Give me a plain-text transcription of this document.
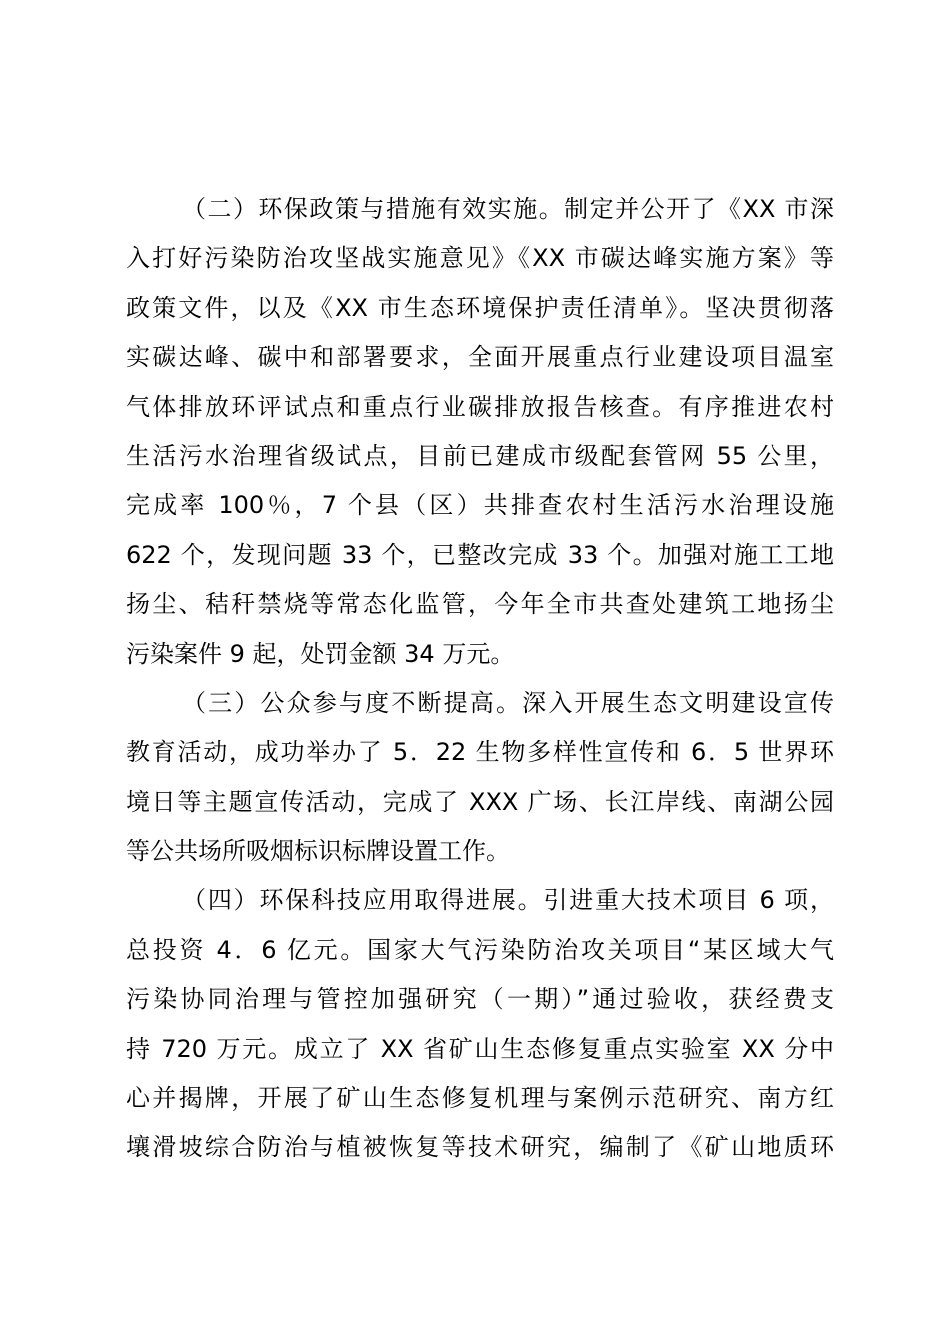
（二）环保政策与措施有效实施。制定并公开了《XX 市深
入打好污染防治攻坚战实施意见》《XX 市碳达峰实施方案》等
政策文件，以及《XX 市生态环境保护责任清单》。坚决贯彻落
实碳达峰、碳中和部署要求，全面开展重点行业建设项目温室
气体排放环评试点和重点行业碳排放报告核查。有序推进农村
生活污水治理省级试点，目前已建成市级配套管网 55 公里，
完成率 100％，7 个县（区）共排查农村生活污水治理设施
622 个，发现问题 33 个，已整改完成 33 个。加强对施工工地
扬尘、秸秆禁烧等常态化监管，今年全市共查处建筑工地扬尘
污染案件 9 起，处罚金额 34 万元。
（三）公众参与度不断提高。深入开展生态文明建设宣传
教育活动，成功举办了 5．22 生物多样性宣传和 6．5 世界环
境日等主题宣传活动，完成了 XXX 广场、长江岸线、南湖公园
等公共场所吸烟标识标牌设置工作。
（四）环保科技应用取得进展。引进重大技术项目 6 项，
总投资 4．6 亿元。国家大气污染防治攻关项目“某区域大气
污染协同治理与管控加强研究（一期）”通过验收，获经费支
持 720 万元。成立了 XX 省矿山生态修复重点实验室 XX 分中
心并揭牌，开展了矿山生态修复机理与案例示范研究、南方红
壤滑坡综合防治与植被恢复等技术研究，编制了《矿山地质环
